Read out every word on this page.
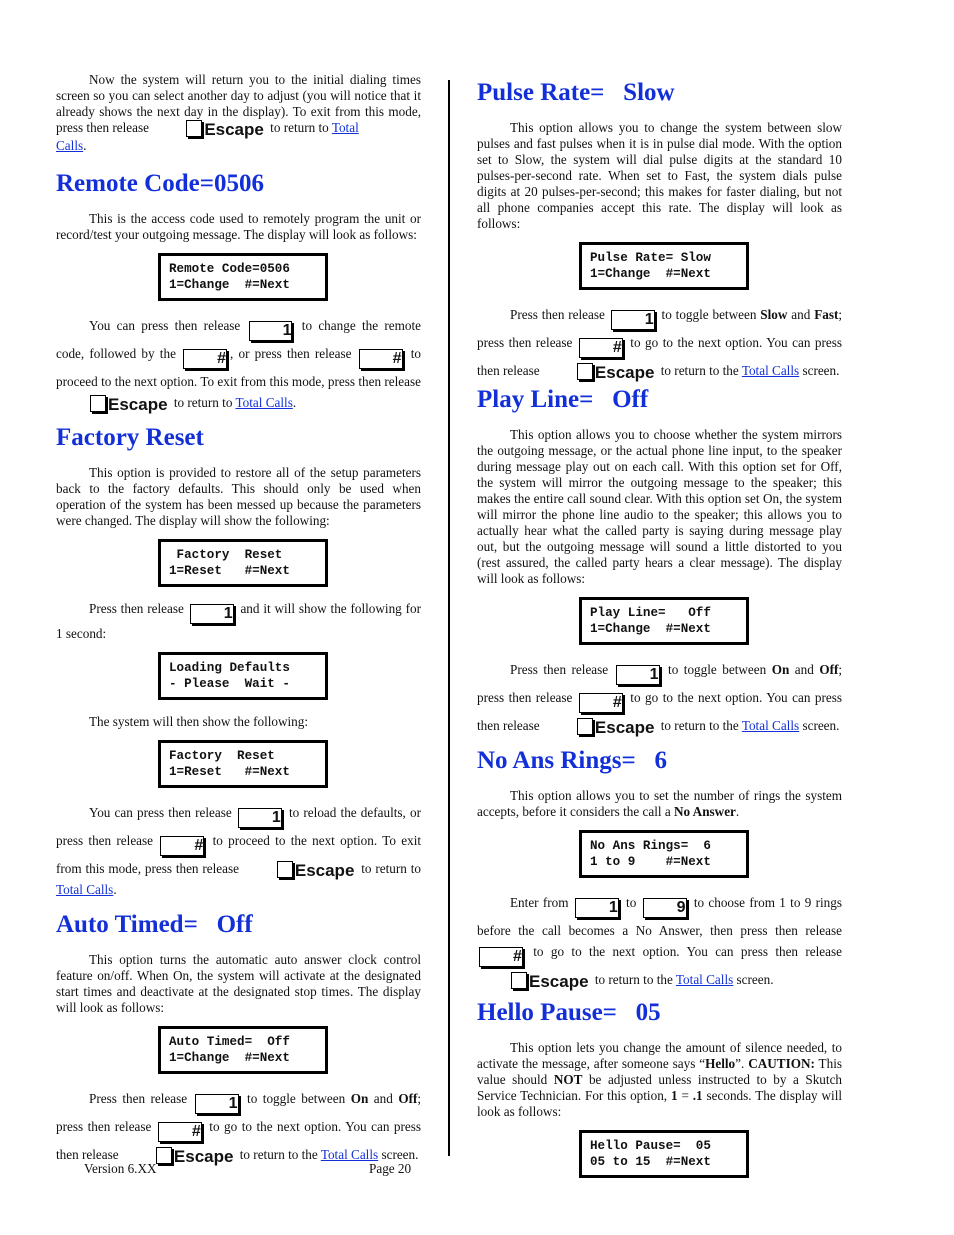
Now the system will return you to the initial dialing times screen so you can select another day to adjust (you will notice that it already shows the next day in the display). To exit from this mode, press then release	Escape to return to Total
Calls.

Remote Code=0506

This is the access code used to remotely program the unit or record/test your outgoing message. The display will look as follows:

Remote Code=0506
1=Change  #=Next

You can press then release	1 to change the remote code, followed by the	# , or press then release	# to proceed to the next option. To exit from this mode, press then release Escape to return to Total Calls.

Factory Reset

This option is provided to restore all of the setup parameters back to the factory defaults. This should only be used when operation of the system has been messed up because the parameters were changed. The display will show the following:

Factory  Reset
1=Reset   #=Next

Press then release 1 and it will show the following for 1 second:

Loading Defaults
- Please  Wait -

The system will then show the following:

Factory  Reset
1=Reset   #=Next

You can press then release	1 to reload the defaults, or press then release	# to proceed to the next option. To exit from this mode, press then release	Escape to return to Total Calls.

Auto Timed=   Off

This option turns the automatic auto answer clock control feature on/off. When On, the system will activate at the designated start times and deactivate at the designated stop times. The display will look as follows:

Auto Timed=  Off
1=Change  #=Next

Press then release	1 to toggle between On and Off; press then release	# to go to the next option. You can press then release	Escape to return to the Total Calls screen.

Pulse Rate=   Slow

This option allows you to change the system between slow pulses and fast pulses when it is in pulse dial mode. With the option set to Slow, the system will dial pulse digits at the standard 10 pulses-per-second rate. When set to Fast, the system dials pulse digits at 20 pulses-per-second; this makes for faster dialing, but not all phone companies accept this rate. The display will look as follows:

Pulse Rate= Slow
1=Change  #=Next

Press then release 1 to toggle between Slow and Fast; press then release	# to go to the next option. You can press then release	Escape to return to the Total Calls screen.

Play Line=   Off

This option allows you to choose whether the system mirrors the outgoing message, or the actual phone line input, to the speaker during message play out on each call. With this option set for Off, the system will mirror the outgoing message to the speaker; this makes the entire call sound clear. With this option set On, the system will mirror the phone line audio to the speaker; this allows you to actually hear what the called party is saying during message play out, but the outgoing message will sound a little distorted to you (rest assured, the called party hears a clear message). The display will look as follows:

Play Line=   Off
1=Change  #=Next

Press then release	1 to toggle between On and Off; press then release	# to go to the next option. You can press then release	Escape to return to the Total Calls screen.

No Ans Rings=   6

This option allows you to set the number of rings the system accepts, before it considers the call a No Answer.

No Ans Rings=  6
1 to 9    #=Next

Enter from	1 to	9 to choose from 1 to 9 rings before the call becomes a No Answer, then press then release # to go to the next option. You can press then release Escape to return to the Total Calls screen.

Hello Pause=   05

This option lets you change the amount of silence needed, to activate the message, after someone says “Hello”. CAUTION: This value should NOT be adjusted unless instructed to by a Skutch Service Technician. For this option, 1 = .1 seconds. The display will look as follows:

Hello Pause=  05
05 to 15  #=Next
Version 6.XX	Page 20
